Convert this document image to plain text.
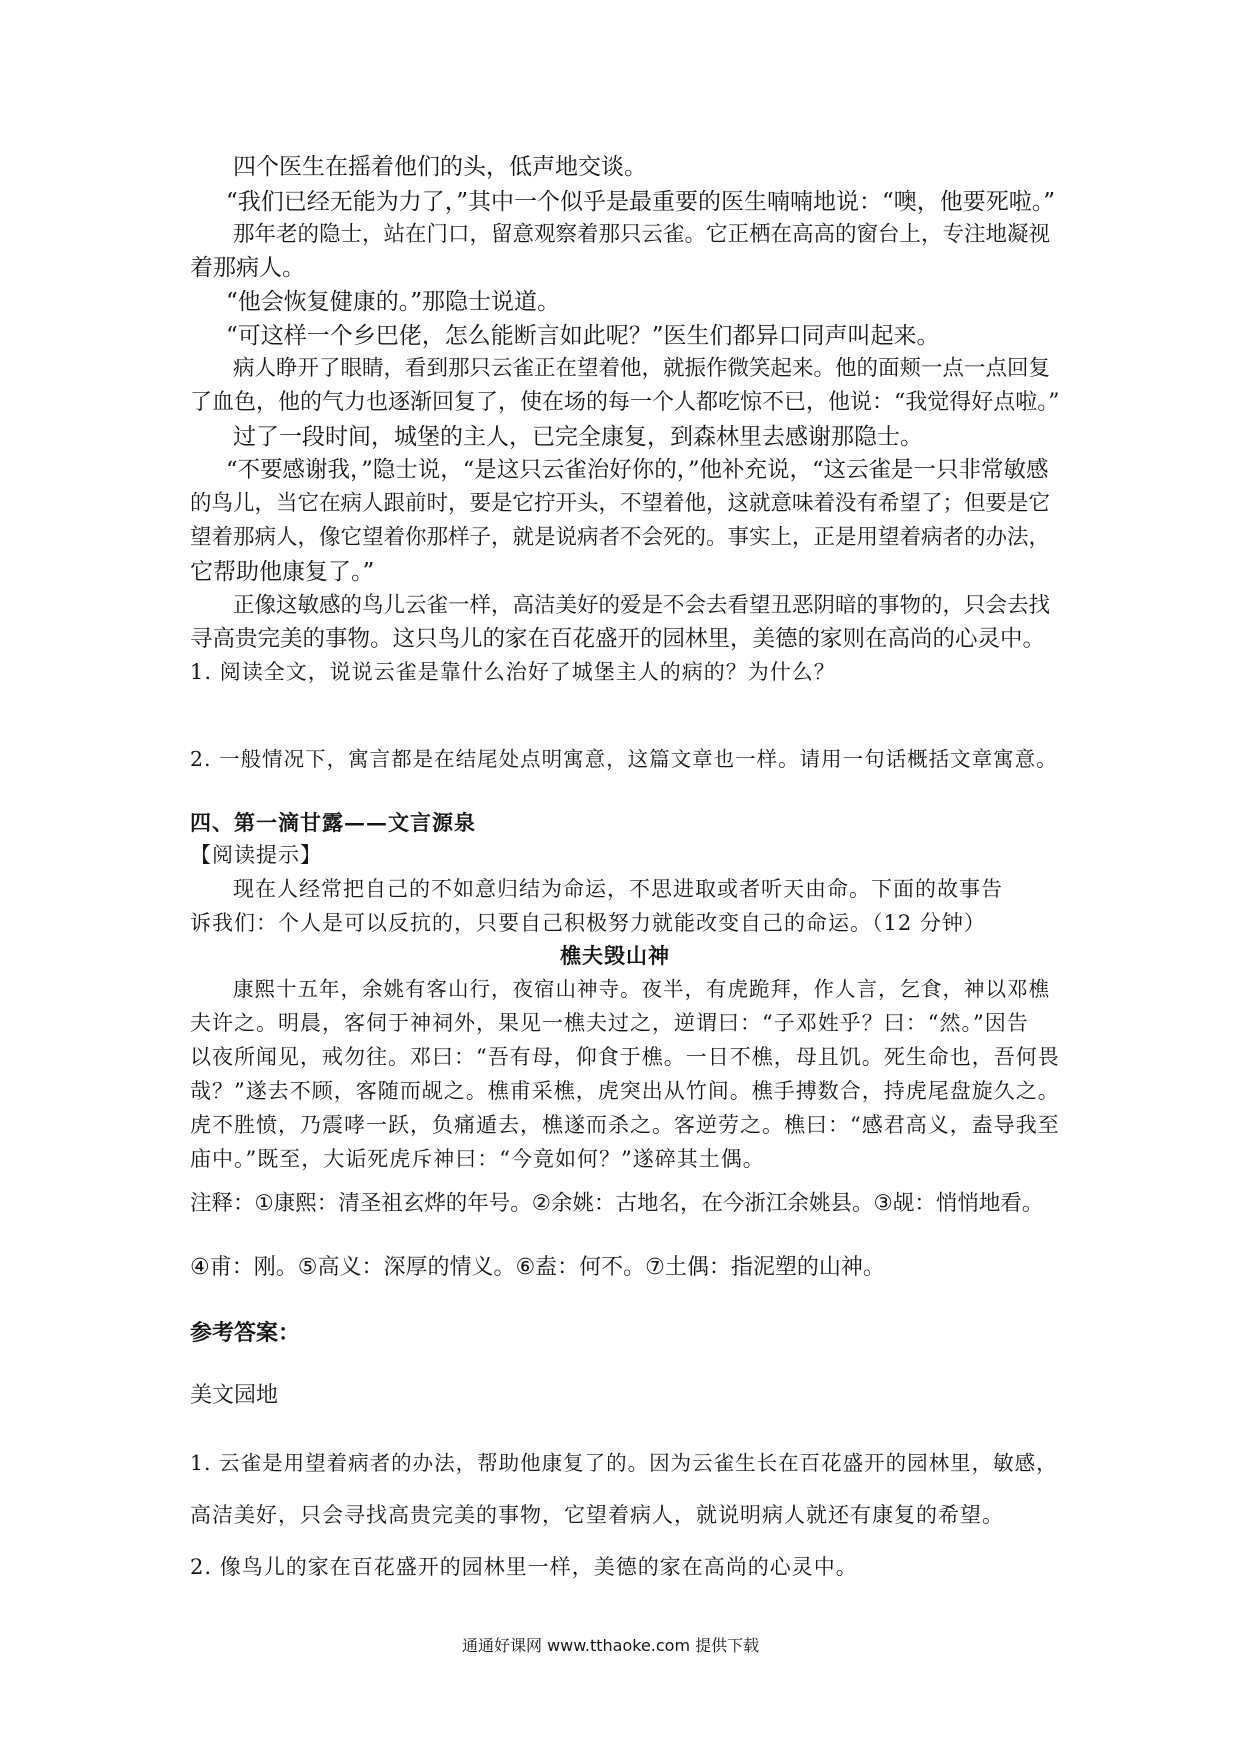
四个医生在摇着他们的头，低声地交谈。

“我们已经无能为力了，”其中一个似乎是最重要的医生喃喃地说：“噢，他要死啦。”

那年老的隐士，站在门口，留意观察着那只云雀。它正栖在高高的窗台上，专注地凝视

着那病人。

“他会恢复健康的。”那隐士说道。

“可这样一个乡巴佬，怎么能断言如此呢？”医生们都异口同声叫起来。

病人睁开了眼睛，看到那只云雀正在望着他，就振作微笑起来。他的面颊一点一点回复

了血色，他的气力也逐渐回复了，使在场的每一个人都吃惊不已，他说：“我觉得好点啦。”

过了一段时间，城堡的主人，已完全康复，到森林里去感谢那隐士。

“不要感谢我，”隐士说，“是这只云雀治好你的，”他补充说，“这云雀是一只非常敏感

的鸟儿，当它在病人跟前时，要是它拧开头，不望着他，这就意味着没有希望了；但要是它

望着那病人，像它望着你那样子，就是说病者不会死的。事实上，正是用望着病者的办法，

它帮助他康复了。”

正像这敏感的鸟儿云雀一样，高洁美好的爱是不会去看望丑恶阴暗的事物的，只会去找

寻高贵完美的事物。这只鸟儿的家在百花盛开的园林里，美德的家则在高尚的心灵中。

1. 阅读全文，说说云雀是靠什么治好了城堡主人的病的？为什么？

2. 一般情况下，寓言都是在结尾处点明寓意，这篇文章也一样。请用一句话概括文章寓意。

四、第一滴甘露——文言源泉

【阅读提示】

现在人经常把自己的不如意归结为命运，不思进取或者听天由命。下面的故事告

诉我们：个人是可以反抗的，只要自己积极努力就能改变自己的命运。（12 分钟）

樵夫毁山神

康熙十五年，余姚有客山行，夜宿山神寺。夜半，有虎跪拜，作人言，乞食，神以邓樵

夫许之。明晨，客伺于神祠外，果见一樵夫过之，逆谓曰：“子邓姓乎？曰：“然。”因告

以夜所闻见，戒勿往。邓曰：“吾有母，仰食于樵。一日不樵，母且饥。死生命也，吾何畏

哉？”遂去不顾，客随而觇之。樵甫采樵，虎突出从竹间。樵手搏数合，持虎尾盘旋久之。

虎不胜愤，乃震哮一跃，负痛遁去，樵遂而杀之。客逆劳之。樵曰：“感君高义，盍导我至

庙中。”既至，大诟死虎斥神曰：“今竟如何？”遂碎其土偶。

注释：①康熙：清圣祖玄烨的年号。②余姚：古地名，在今浙江余姚县。③觇：悄悄地看。

④甫：刚。⑤高义：深厚的情义。⑥盍：何不。⑦土偶：指泥塑的山神。

参考答案：

美文园地

1. 云雀是用望着病者的办法，帮助他康复了的。因为云雀生长在百花盛开的园林里，敏感，

高洁美好，只会寻找高贵完美的事物，它望着病人，就说明病人就还有康复的希望。

2. 像鸟儿的家在百花盛开的园林里一样，美德的家在高尚的心灵中。

通通好课网 www.tthaoke.com 提供下载
